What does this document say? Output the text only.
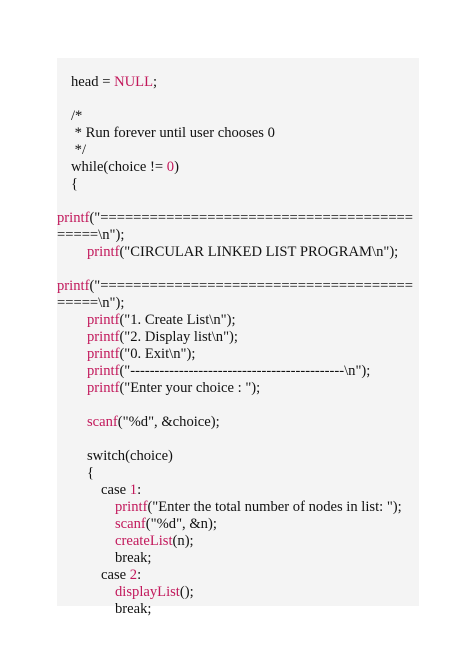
head = NULL;
/*
* Run forever until user chooses 0
*/
while(choice != 0)
{
printf("======================================
=====\n");
printf("CIRCULAR LINKED LIST PROGRAM\n");
printf("======================================
=====\n");
printf("1. Create List\n");
printf("2. Display list\n");
printf("0. Exit\n");
printf("--------------------------------------------\n");
printf("Enter your choice : ");
scanf("%d", &choice);
switch(choice)
{
case 1:
printf("Enter the total number of nodes in list: ");
scanf("%d", &n);
createList(n);
break;
case 2:
displayList();
break;
